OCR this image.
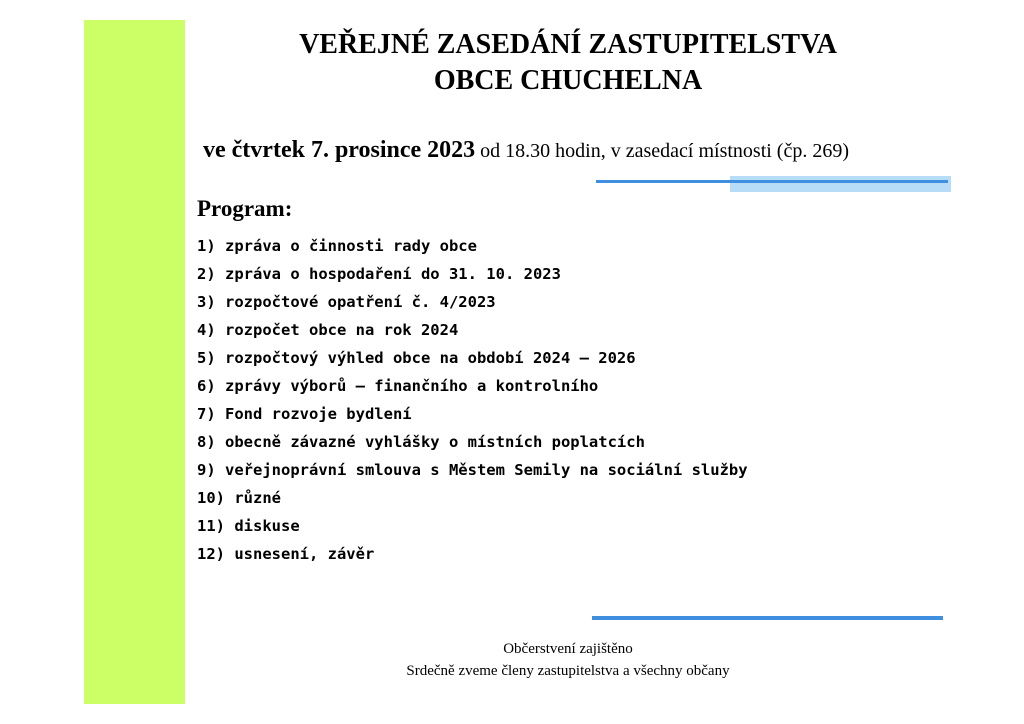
VEŘEJNÉ ZASEDÁNÍ ZASTUPITELSTVA
OBCE CHUCHELNA
ve čtvrtek 7. prosince 2023 od 18.30 hodin, v zasedací místnosti (čp. 269)
Program:
1) zpráva o činnosti rady obce
2) zpráva o hospodaření do 31. 10. 2023
3) rozpočtové opatření č. 4/2023
4) rozpočet obce na rok 2024
5) rozpočtový výhled obce na období 2024 – 2026
6) zprávy výborů – finančního a kontrolního
7) Fond rozvoje bydlení
8) obecně závazné vyhlášky o místních poplatcích
9) veřejnoprávní smlouva s Městem Semily na sociální služby
10) různé
11) diskuse
12) usnesení, závěr
Občerstvení zajištěno
Srdečně zveme členy zastupitelstva a všechny občany
